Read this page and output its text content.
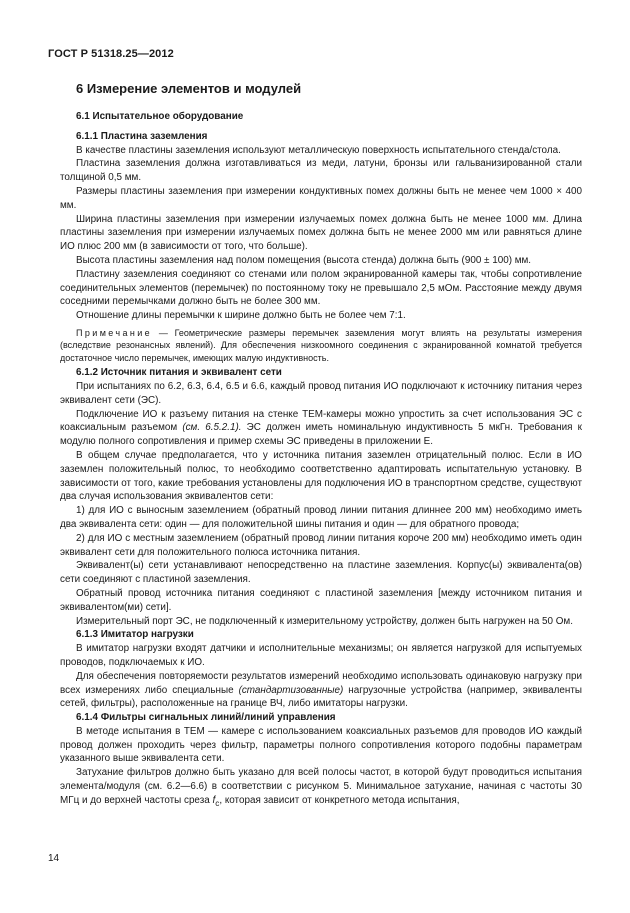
ГОСТ Р 51318.25—2012

6 Измерение элементов и модулей

6.1 Испытательное оборудование

6.1.1 Пластина заземления

В качестве пластины заземления используют металлическую поверхность испытательного стенда/стола.

Пластина заземления должна изготавливаться из меди, латуни, бронзы или гальванизированной стали толщиной 0,5 мм.

Размеры пластины заземления при измерении кондуктивных помех должны быть не менее чем 1000 × 400 мм.

Ширина пластины заземления при измерении излучаемых помех должна быть не менее 1000 мм. Длина пластины заземления при измерении излучаемых помех должна быть не менее 2000 мм или равняться длине ИО плюс 200 мм (в зависимости от того, что больше).

Высота пластины заземления над полом помещения (высота стенда) должна быть (900 ± 100) мм.

Пластину заземления соединяют со стенами или полом экранированной камеры так, чтобы сопротивление соединительных элементов (перемычек) по постоянному току не превышало 2,5 мОм. Расстояние между двумя соседними перемычками должно быть не более 300 мм.

Отношение длины перемычки к ширине должно быть не более чем 7:1.

Примечание — Геометрические размеры перемычек заземления могут влиять на результаты измерения (вследствие резонансных явлений). Для обеспечения низкоомного соединения с экранированной комнатой требуется достаточное число перемычек, имеющих малую индуктивность.

6.1.2 Источник питания и эквивалент сети

При испытаниях по 6.2, 6.3, 6.4, 6.5 и 6.6, каждый провод питания ИО подключают к источнику питания через эквивалент сети (ЭС).

Подключение ИО к разъему питания на стенке ТЕМ-камеры можно упростить за счет использования ЭС с коаксиальным разъемом (см. 6.5.2.1). ЭС должен иметь номинальную индуктивность 5 мкГн. Требования к модулю полного сопротивления и пример схемы ЭС приведены в приложении Е.

В общем случае предполагается, что у источника питания заземлен отрицательный полюс. Если в ИО заземлен положительный полюс, то необходимо соответственно адаптировать испытательную установку. В зависимости от того, какие требования установлены для подключения ИО в транспортном средстве, существуют два случая использования эквивалентов сети:

1) для ИО с выносным заземлением (обратный провод линии питания длиннее 200 мм) необходимо иметь два эквивалента сети: один — для положительной шины питания и один — для обратного провода;

2) для ИО с местным заземлением (обратный провод линии питания короче 200 мм) необходимо иметь один эквивалент сети для положительного полюса источника питания.

Эквивалент(ы) сети устанавливают непосредственно на пластине заземления. Корпус(ы) эквивалента(ов) сети соединяют с пластиной заземления.

Обратный провод источника питания соединяют с пластиной заземления [между источником питания и эквивалентом(ми) сети].

Измерительный порт ЭС, не подключенный к измерительному устройству, должен быть нагружен на 50 Ом.

6.1.3 Имитатор нагрузки

В имитатор нагрузки входят датчики и исполнительные механизмы; он является нагрузкой для испытуемых проводов, подключаемых к ИО.

Для обеспечения повторяемости результатов измерений необходимо использовать одинаковую нагрузку при всех измерениях либо специальные (стандартизованные) нагрузочные устройства (например, эквиваленты сетей, фильтры), расположенные на границе ВЧ, либо имитаторы нагрузки.

6.1.4 Фильтры сигнальных линий/линий управления

В методе испытания в ТЕМ — камере с использованием коаксиальных разъемов для проводов ИО каждый провод должен проходить через фильтр, параметры полного сопротивления которого подобны параметрам указанного выше эквивалента сети.

Затухание фильтров должно быть указано для всей полосы частот, в которой будут проводиться испытания элемента/модуля (см. 6.2—6.6) в соответствии с рисунком 5. Минимальное затухание, начиная с частоты 30 МГц и до верхней частоты среза $f_c$, которая зависит от конкретного метода испытания,

14
